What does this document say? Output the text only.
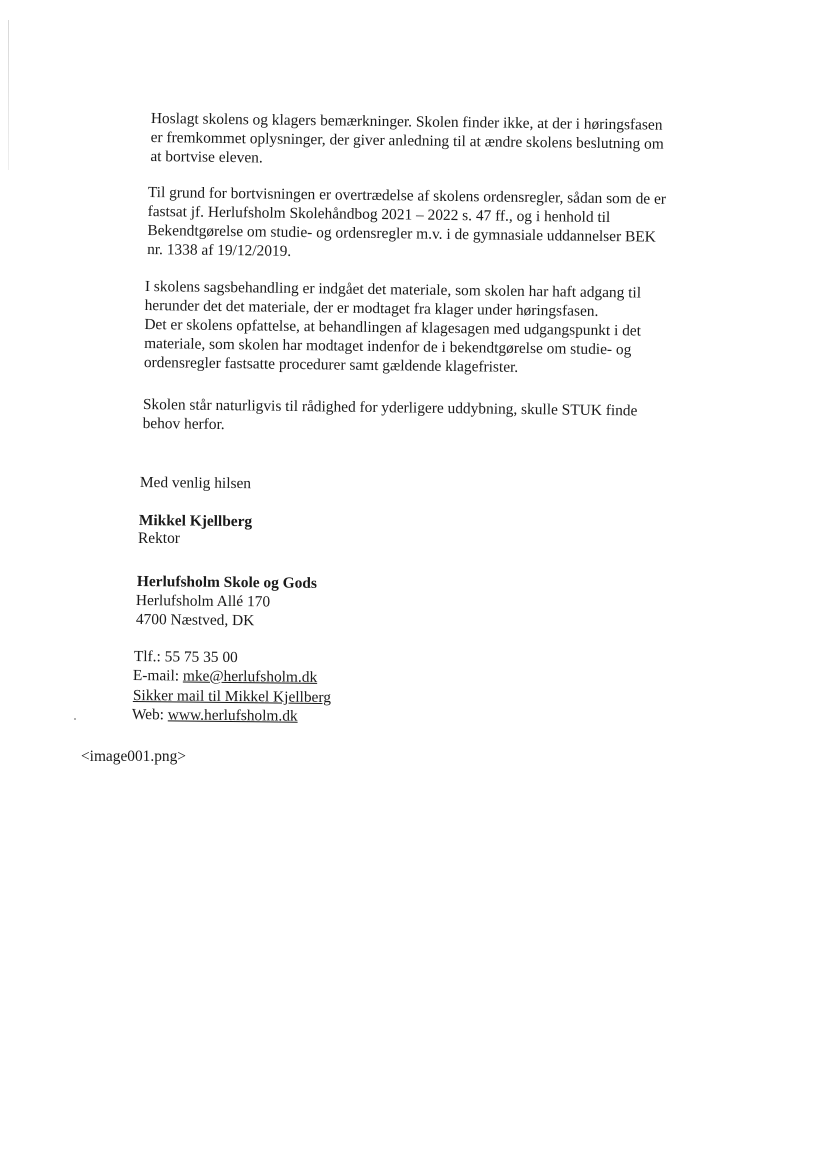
Hoslagt skolens og klagers bemærkninger. Skolen finder ikke, at der i høringsfasen
er fremkommet oplysninger, der giver anledning til at ændre skolens beslutning om
at bortvise eleven.
Til grund for bortvisningen er overtrædelse af skolens ordensregler, sådan som de er
fastsat jf. Herlufsholm Skolehåndbog 2021 – 2022 s. 47 ff., og i henhold til
Bekendtgørelse om studie- og ordensregler m.v. i de gymnasiale uddannelser BEK
nr. 1338 af 19/12/2019.
I skolens sagsbehandling er indgået det materiale, som skolen har haft adgang til
herunder det det materiale, der er modtaget fra klager under høringsfasen.
Det er skolens opfattelse, at behandlingen af klagesagen med udgangspunkt i det
materiale, som skolen har modtaget indenfor de i bekendtgørelse om studie- og
ordensregler fastsatte procedurer samt gældende klagefrister.
Skolen står naturligvis til rådighed for yderligere uddybning, skulle STUK finde
behov herfor.
Med venlig hilsen
Mikkel Kjellberg
Rektor
Herlufsholm Skole og Gods
Herlufsholm Allé 170
4700 Næstved, DK
Tlf.: 55 75 35 00
E-mail: mke@herlufsholm.dk
Sikker mail til Mikkel Kjellberg
Web: www.herlufsholm.dk
<image001.png>
